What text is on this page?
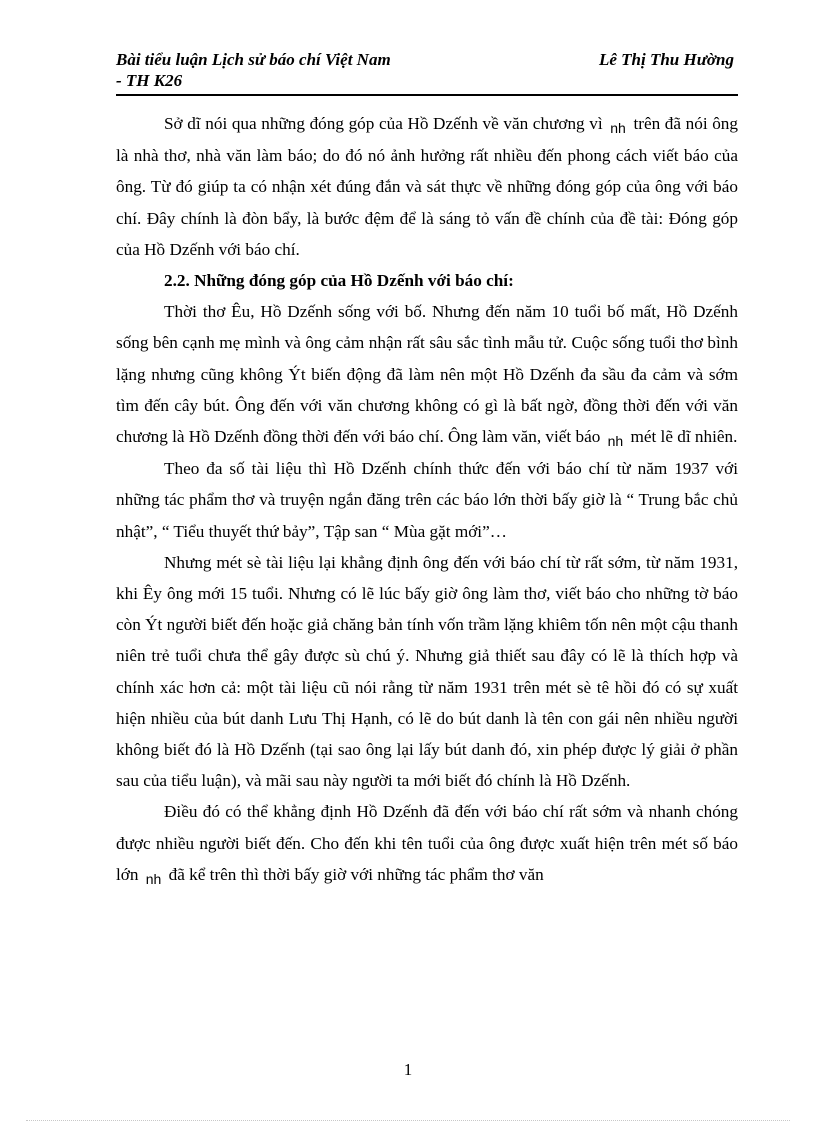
Bài tiểu luận Lịch sử báo chí Việt Nam
- TH K26
Lê Thị Thu Hường

Sở dĩ nói qua những đóng góp của Hồ Dzếnh về văn chương vì $_{nh}$ trên đã nói ông là nhà thơ, nhà văn làm báo; do đó nó ảnh hưởng rất nhiều đến phong cách viết báo của ông. Từ đó giúp ta có nhận xét đúng đắn và sát thực về những đóng góp của ông với báo chí. Đây chính là đòn bẩy, là bước đệm để là sáng tỏ vấn đề chính của đề tài: Đóng góp của Hồ Dzếnh với báo chí.

2.2. Những đóng góp của Hồ Dzếnh với báo chí:

Thời thơ Êu, Hồ Dzếnh sống với bố. Nhưng đến năm 10 tuổi bố mất, Hồ Dzếnh sống bên cạnh mẹ mình và ông cảm nhận rất sâu sắc tình mẫu tử. Cuộc sống tuổi thơ bình lặng nhưng cũng không Ýt biến động đã làm nên một Hồ Dzếnh đa sầu đa cảm và sớm tìm đến cây bút. Ông đến với văn chương không có gì là bất ngờ, đồng thời đến với văn chương là Hồ Dzếnh đồng thời đến với báo chí. Ông làm văn, viết báo $_{nh}$ mét lẽ dĩ nhiên.

Theo đa số tài liệu thì Hồ Dzếnh chính thức đến với báo chí từ năm 1937 với những tác phẩm thơ và truyện ngắn đăng trên các báo lớn thời bấy giờ là “ Trung bắc chủ nhật”, “ Tiểu thuyết thứ bảy”, Tập san “ Mùa gặt mới”…

Nhưng mét sè tài liệu lại khẳng định ông đến với báo chí từ rất sớm, từ năm 1931, khi Êy ông mới 15 tuổi. Nhưng có lẽ lúc bấy giờ ông làm thơ, viết báo cho những tờ báo còn Ýt người biết đến hoặc giả chăng bản tính vốn trầm lặng khiêm tốn nên một cậu thanh niên trẻ tuổi chưa thể gây được sù chú ý. Nhưng giả thiết sau đây có lẽ là thích hợp và chính xác hơn cả: một tài liệu cũ nói rằng từ năm 1931 trên mét sè tê hồi đó có sự xuất hiện nhiều của bút danh Lưu Thị Hạnh, có lẽ do bút danh là tên con gái nên nhiều người không biết đó là Hồ Dzếnh (tại sao ông lại lấy bút danh đó, xin phép được lý giải ở phần sau của tiểu luận), và mãi sau này người ta mới biết đó chính là Hồ Dzếnh.

Điều đó có thể khẳng định Hồ Dzếnh đã đến với báo chí rất sớm và nhanh chóng được nhiều người biết đến. Cho đến khi tên tuổi của ông được xuất hiện trên mét số báo lớn $_{nh}$ đã kể trên thì thời bấy giờ với những tác phẩm thơ văn

1
